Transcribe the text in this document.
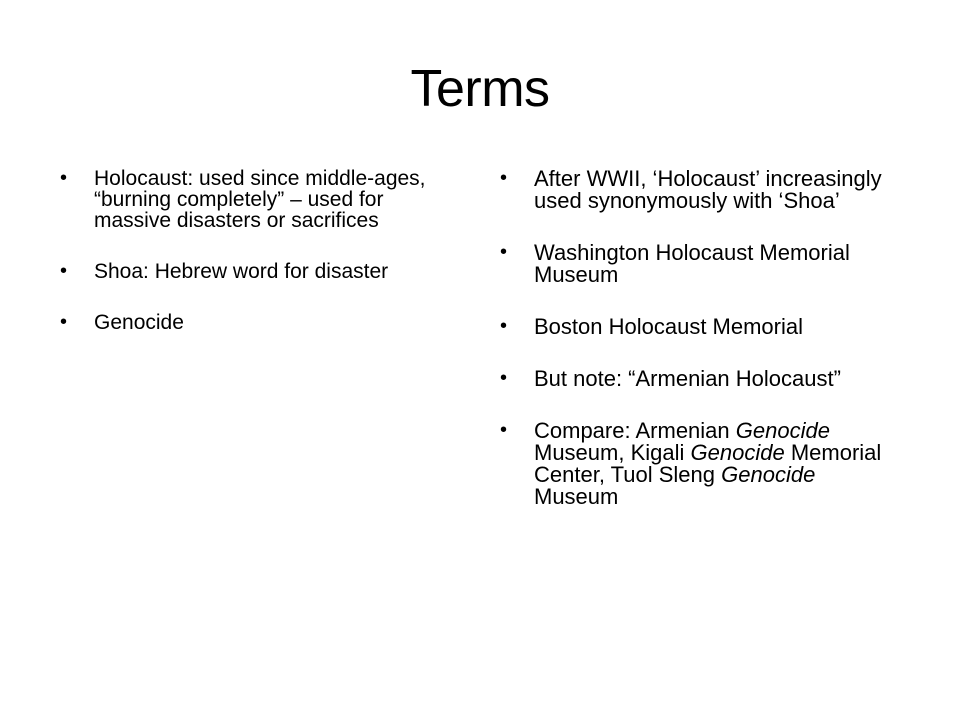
Terms
• Holocaust: used since middle-ages, “burning completely” – used for massive disasters or sacrifices
• Shoa: Hebrew word for disaster
• Genocide
• After WWII, ‘Holocaust’ increasingly used synonymously with ‘Shoa’
• Washington Holocaust Memorial Museum
• Boston Holocaust Memorial
• But note: “Armenian Holocaust”
• Compare: Armenian Genocide Museum, Kigali Genocide Memorial Center, Tuol Sleng Genocide Museum
